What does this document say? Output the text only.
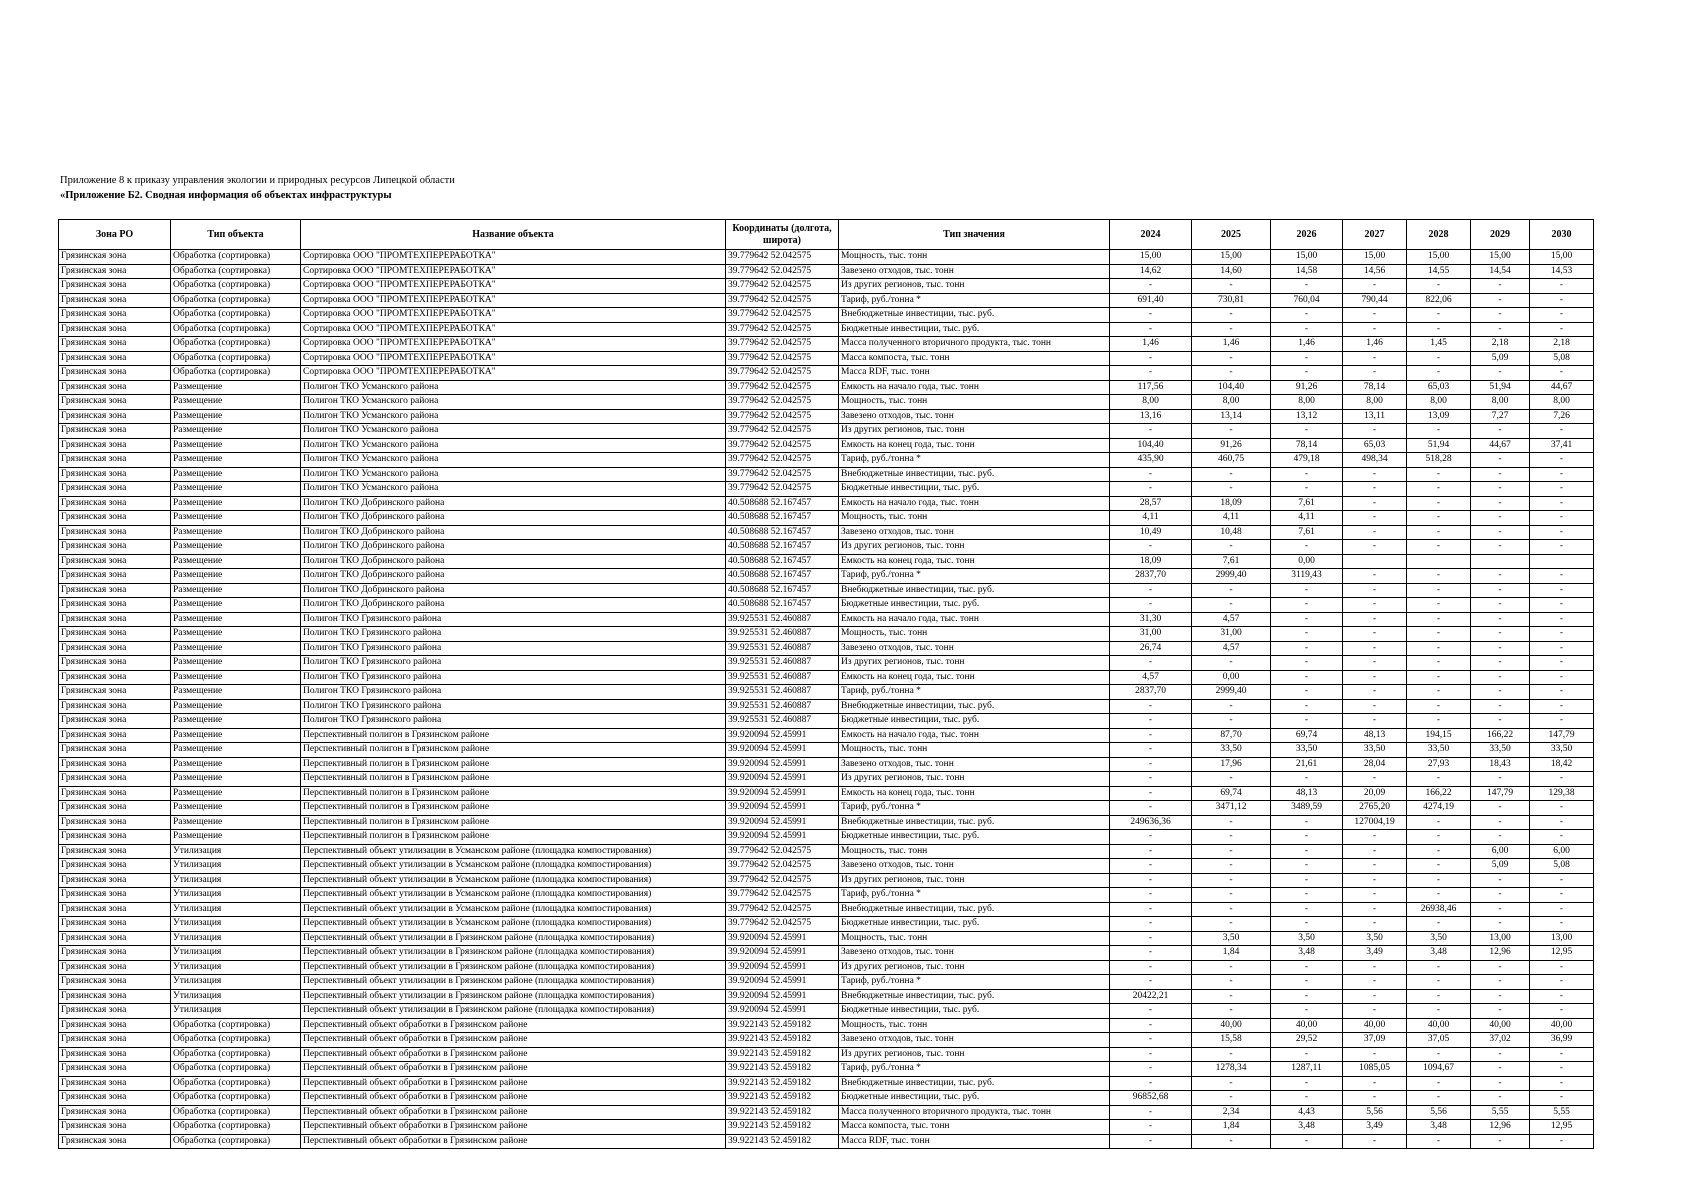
Приложение 8 к приказу управления экологии и природных ресурсов Липецкой области
«Приложение Б2. Сводная информация об объектах инфраструктуры
Зона РО	Тип объекта	Название объекта	Координаты (долгота, широта)	Тип значения	2024	2025	2026	2027	2028	2029	2030
Грязинская зона	Обработка (сортировка)	Сортировка ООО "ПРОМТЕХПЕРЕРАБОТКА"	39.779642 52.042575	Мощность, тыс. тонн	15,00	15,00	15,00	15,00	15,00	15,00	15,00
Грязинская зона	Обработка (сортировка)	Сортировка ООО "ПРОМТЕХПЕРЕРАБОТКА"	39.779642 52.042575	Завезено отходов, тыс. тонн	14,62	14,60	14,58	14,56	14,55	14,54	14,53
Грязинская зона	Обработка (сортировка)	Сортировка ООО "ПРОМТЕХПЕРЕРАБОТКА"	39.779642 52.042575	Из других регионов, тыс. тонн	-	-	-	-	-	-	-
Грязинская зона	Обработка (сортировка)	Сортировка ООО "ПРОМТЕХПЕРЕРАБОТКА"	39.779642 52.042575	Тариф, руб./тонна *	691,40	730,81	760,04	790,44	822,06	-	-
Грязинская зона	Обработка (сортировка)	Сортировка ООО "ПРОМТЕХПЕРЕРАБОТКА"	39.779642 52.042575	Внебюджетные инвестиции, тыс. руб.	-	-	-	-	-	-	-
Грязинская зона	Обработка (сортировка)	Сортировка ООО "ПРОМТЕХПЕРЕРАБОТКА"	39.779642 52.042575	Бюджетные инвестиции, тыс. руб.	-	-	-	-	-	-	-
Грязинская зона	Обработка (сортировка)	Сортировка ООО "ПРОМТЕХПЕРЕРАБОТКА"	39.779642 52.042575	Масса полученного вторичного продукта, тыс. тонн	1,46	1,46	1,46	1,46	1,45	2,18	2,18
Грязинская зона	Обработка (сортировка)	Сортировка ООО "ПРОМТЕХПЕРЕРАБОТКА"	39.779642 52.042575	Масса компоста, тыс. тонн	-	-	-	-	-	5,09	5,08
Грязинская зона	Обработка (сортировка)	Сортировка ООО "ПРОМТЕХПЕРЕРАБОТКА"	39.779642 52.042575	Масса RDF, тыс. тонн	-	-	-	-	-	-	-
Грязинская зона	Размещение	Полигон ТКО Усманского района	39.779642 52.042575	Емкость на начало года, тыс. тонн	117,56	104,40	91,26	78,14	65,03	51,94	44,67
Грязинская зона	Размещение	Полигон ТКО Усманского района	39.779642 52.042575	Мощность, тыс. тонн	8,00	8,00	8,00	8,00	8,00	8,00	8,00
Грязинская зона	Размещение	Полигон ТКО Усманского района	39.779642 52.042575	Завезено отходов, тыс. тонн	13,16	13,14	13,12	13,11	13,09	7,27	7,26
Грязинская зона	Размещение	Полигон ТКО Усманского района	39.779642 52.042575	Из других регионов, тыс. тонн	-	-	-	-	-	-	-
Грязинская зона	Размещение	Полигон ТКО Усманского района	39.779642 52.042575	Емкость на конец года, тыс. тонн	104,40	91,26	78,14	65,03	51,94	44,67	37,41
Грязинская зона	Размещение	Полигон ТКО Усманского района	39.779642 52.042575	Тариф, руб./тонна *	435,90	460,75	479,18	498,34	518,28	-	-
Грязинская зона	Размещение	Полигон ТКО Усманского района	39.779642 52.042575	Внебюджетные инвестиции, тыс. руб.	-	-	-	-	-	-	-
Грязинская зона	Размещение	Полигон ТКО Усманского района	39.779642 52.042575	Бюджетные инвестиции, тыс. руб.	-	-	-	-	-	-	-
Грязинская зона	Размещение	Полигон ТКО Добринского района	40.508688 52.167457	Емкость на начало года, тыс. тонн	28,57	18,09	7,61	-	-	-	-
Грязинская зона	Размещение	Полигон ТКО Добринского района	40.508688 52.167457	Мощность, тыс. тонн	4,11	4,11	4,11	-	-	-	-
Грязинская зона	Размещение	Полигон ТКО Добринского района	40.508688 52.167457	Завезено отходов, тыс. тонн	10,49	10,48	7,61	-	-	-	-
Грязинская зона	Размещение	Полигон ТКО Добринского района	40.508688 52.167457	Из других регионов, тыс. тонн	-	-	-	-	-	-	-
Грязинская зона	Размещение	Полигон ТКО Добринского района	40.508688 52.167457	Емкость на конец года, тыс. тонн	18,09	7,61	0,00				
Грязинская зона	Размещение	Полигон ТКО Добринского района	40.508688 52.167457	Тариф, руб./тонна *	2837,70	2999,40	3119,43	-	-	-	-
Грязинская зона	Размещение	Полигон ТКО Добринского района	40.508688 52.167457	Внебюджетные инвестиции, тыс. руб.	-	-	-	-	-	-	-
Грязинская зона	Размещение	Полигон ТКО Добринского района	40.508688 52.167457	Бюджетные инвестиции, тыс. руб.	-	-	-	-	-	-	-
Грязинская зона	Размещение	Полигон ТКО Грязинского района	39.925531 52.460887	Емкость на начало года, тыс. тонн	31,30	4,57	-	-	-	-	-
Грязинская зона	Размещение	Полигон ТКО Грязинского района	39.925531 52.460887	Мощность, тыс. тонн	31,00	31,00	-	-	-	-	-
Грязинская зона	Размещение	Полигон ТКО Грязинского района	39.925531 52.460887	Завезено отходов, тыс. тонн	26,74	4,57	-	-	-	-	-
Грязинская зона	Размещение	Полигон ТКО Грязинского района	39.925531 52.460887	Из других регионов, тыс. тонн	-	-	-	-	-	-	-
Грязинская зона	Размещение	Полигон ТКО Грязинского района	39.925531 52.460887	Емкость на конец года, тыс. тонн	4,57	0,00	-	-	-	-	-
Грязинская зона	Размещение	Полигон ТКО Грязинского района	39.925531 52.460887	Тариф, руб./тонна *	2837,70	2999,40	-	-	-	-	-
Грязинская зона	Размещение	Полигон ТКО Грязинского района	39.925531 52.460887	Внебюджетные инвестиции, тыс. руб.	-	-	-	-	-	-	-
Грязинская зона	Размещение	Полигон ТКО Грязинского района	39.925531 52.460887	Бюджетные инвестиции, тыс. руб.	-	-	-	-	-	-	-
Грязинская зона	Размещение	Перспективный полигон в Грязинском районе	39.920094 52.45991	Емкость на начало года, тыс. тонн	-	87,70	69,74	48,13	194,15	166,22	147,79
Грязинская зона	Размещение	Перспективный полигон в Грязинском районе	39.920094 52.45991	Мощность, тыс. тонн	-	33,50	33,50	33,50	33,50	33,50	33,50
Грязинская зона	Размещение	Перспективный полигон в Грязинском районе	39.920094 52.45991	Завезено отходов, тыс. тонн	-	17,96	21,61	28,04	27,93	18,43	18,42
Грязинская зона	Размещение	Перспективный полигон в Грязинском районе	39.920094 52.45991	Из других регионов, тыс. тонн	-	-	-	-	-	-	-
Грязинская зона	Размещение	Перспективный полигон в Грязинском районе	39.920094 52.45991	Емкость на конец года, тыс. тонн	-	69,74	48,13	20,09	166,22	147,79	129,38
Грязинская зона	Размещение	Перспективный полигон в Грязинском районе	39.920094 52.45991	Тариф, руб./тонна *	-	3471,12	3489,59	2765,20	4274,19	-	-
Грязинская зона	Размещение	Перспективный полигон в Грязинском районе	39.920094 52.45991	Внебюджетные инвестиции, тыс. руб.	249636,36	-	-	127004,19	-	-	-
Грязинская зона	Размещение	Перспективный полигон в Грязинском районе	39.920094 52.45991	Бюджетные инвестиции, тыс. руб.	-	-	-	-	-	-	-
Грязинская зона	Утилизация	Перспективный объект утилизации в Усманском районе (площадка компостирования)	39.779642 52.042575	Мощность, тыс. тонн	-	-	-	-	-	6,00	6,00
Грязинская зона	Утилизация	Перспективный объект утилизации в Усманском районе (площадка компостирования)	39.779642 52.042575	Завезено отходов, тыс. тонн	-	-	-	-	-	5,09	5,08
Грязинская зона	Утилизация	Перспективный объект утилизации в Усманском районе (площадка компостирования)	39.779642 52.042575	Из других регионов, тыс. тонн	-	-	-	-	-	-	-
Грязинская зона	Утилизация	Перспективный объект утилизации в Усманском районе (площадка компостирования)	39.779642 52.042575	Тариф, руб./тонна *	-	-	-	-	-	-	-
Грязинская зона	Утилизация	Перспективный объект утилизации в Усманском районе (площадка компостирования)	39.779642 52.042575	Внебюджетные инвестиции, тыс. руб.	-	-	-	-	26938,46	-	-
Грязинская зона	Утилизация	Перспективный объект утилизации в Усманском районе (площадка компостирования)	39.779642 52.042575	Бюджетные инвестиции, тыс. руб.	-	-	-	-	-	-	-
Грязинская зона	Утилизация	Перспективный объект утилизации в Грязинском районе (площадка компостирования)	39.920094 52.45991	Мощность, тыс. тонн	-	3,50	3,50	3,50	3,50	13,00	13,00
Грязинская зона	Утилизация	Перспективный объект утилизации в Грязинском районе (площадка компостирования)	39.920094 52.45991	Завезено отходов, тыс. тонн	-	1,84	3,48	3,49	3,48	12,96	12,95
Грязинская зона	Утилизация	Перспективный объект утилизации в Грязинском районе (площадка компостирования)	39.920094 52.45991	Из других регионов, тыс. тонн	-	-	-	-	-	-	-
Грязинская зона	Утилизация	Перспективный объект утилизации в Грязинском районе (площадка компостирования)	39.920094 52.45991	Тариф, руб./тонна *	-	-	-	-	-	-	-
Грязинская зона	Утилизация	Перспективный объект утилизации в Грязинском районе (площадка компостирования)	39.920094 52.45991	Внебюджетные инвестиции, тыс. руб.	20422,21	-	-	-	-	-	-
Грязинская зона	Утилизация	Перспективный объект утилизации в Грязинском районе (площадка компостирования)	39.920094 52.45991	Бюджетные инвестиции, тыс. руб.	-	-	-	-	-	-	-
Грязинская зона	Обработка (сортировка)	Перспективный объект обработки в Грязинском районе	39.922143 52.459182	Мощность, тыс. тонн	-	40,00	40,00	40,00	40,00	40,00	40,00
Грязинская зона	Обработка (сортировка)	Перспективный объект обработки в Грязинском районе	39.922143 52.459182	Завезено отходов, тыс. тонн	-	15,58	29,52	37,09	37,05	37,02	36,99
Грязинская зона	Обработка (сортировка)	Перспективный объект обработки в Грязинском районе	39.922143 52.459182	Из других регионов, тыс. тонн	-	-	-	-	-	-	-
Грязинская зона	Обработка (сортировка)	Перспективный объект обработки в Грязинском районе	39.922143 52.459182	Тариф, руб./тонна *	-	1278,34	1287,11	1085,05	1094,67	-	-
Грязинская зона	Обработка (сортировка)	Перспективный объект обработки в Грязинском районе	39.922143 52.459182	Внебюджетные инвестиции, тыс. руб.	-	-	-	-	-	-	-
Грязинская зона	Обработка (сортировка)	Перспективный объект обработки в Грязинском районе	39.922143 52.459182	Бюджетные инвестиции, тыс. руб.	96852,68	-	-	-	-	-	-
Грязинская зона	Обработка (сортировка)	Перспективный объект обработки в Грязинском районе	39.922143 52.459182	Масса полученного вторичного продукта, тыс. тонн	-	2,34	4,43	5,56	5,56	5,55	5,55
Грязинская зона	Обработка (сортировка)	Перспективный объект обработки в Грязинском районе	39.922143 52.459182	Масса компоста, тыс. тонн	-	1,84	3,48	3,49	3,48	12,96	12,95
Грязинская зона	Обработка (сортировка)	Перспективный объект обработки в Грязинском районе	39.922143 52.459182	Масса RDF, тыс. тонн	-	-	-	-	-	-	-
